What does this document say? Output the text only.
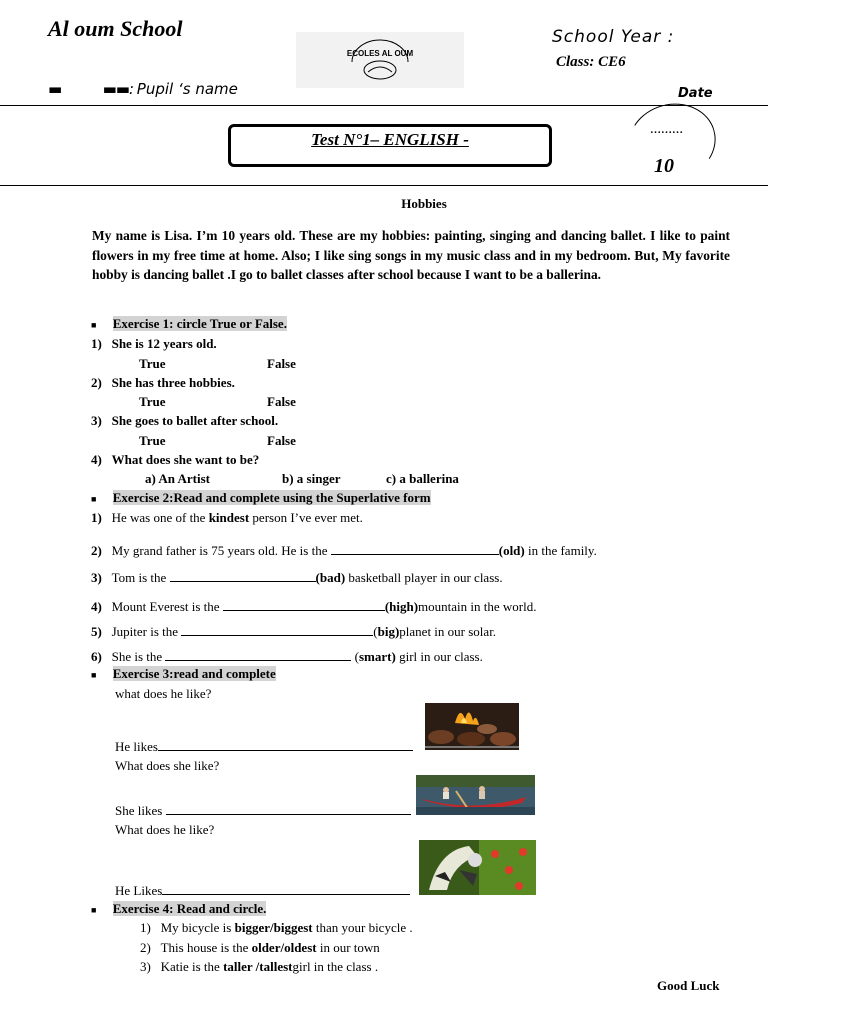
Al oum School	School Year :
Class: CE6
ECOLES AL OUM
▬           ▬▬: Pupil ‘s name	Date
Test N°1– ENGLISH -	………
10
Hobbies
My name is Lisa. I’m 10 years old. These are my hobbies: painting, singing and dancing ballet. I like to paint flowers in my free time at home. Also; I like sing songs in my music class and in my bedroom. But, My favorite hobby is dancing ballet .I go to ballet classes after school because I want to be a ballerina.
■ Exercise 1: circle True or False.
1) She is 12 years old.
True	False
2) She has three hobbies.
True	False
3) She goes to ballet after school.
True	False
4) What does she want to be?
a) An Artist	b) a singer	c) a ballerina
■ Exercise 2:Read and complete using the Superlative form
1) He was one of the kindest person I’ve ever met.
2) My grand father is 75 years old. He is the	(old) in the family.
3) Tom is the	(bad) basketball player in our class.
4) Mount Everest is the	(high)mountain in the world.
5) Jupiter is the	(big)planet in our solar.
6) She is the	(smart) girl in our class.
■ Exercise 3:read and complete
what does he like?
He likes
What does she like?
She likes
What does he like?
He Likes
■ Exercise 4: Read and circle.
1) My bicycle is bigger/biggest than your bicycle .
2) This house is the older/oldest in our town
3) Katie is the taller /tallestgirl in the class .
Good Luck
